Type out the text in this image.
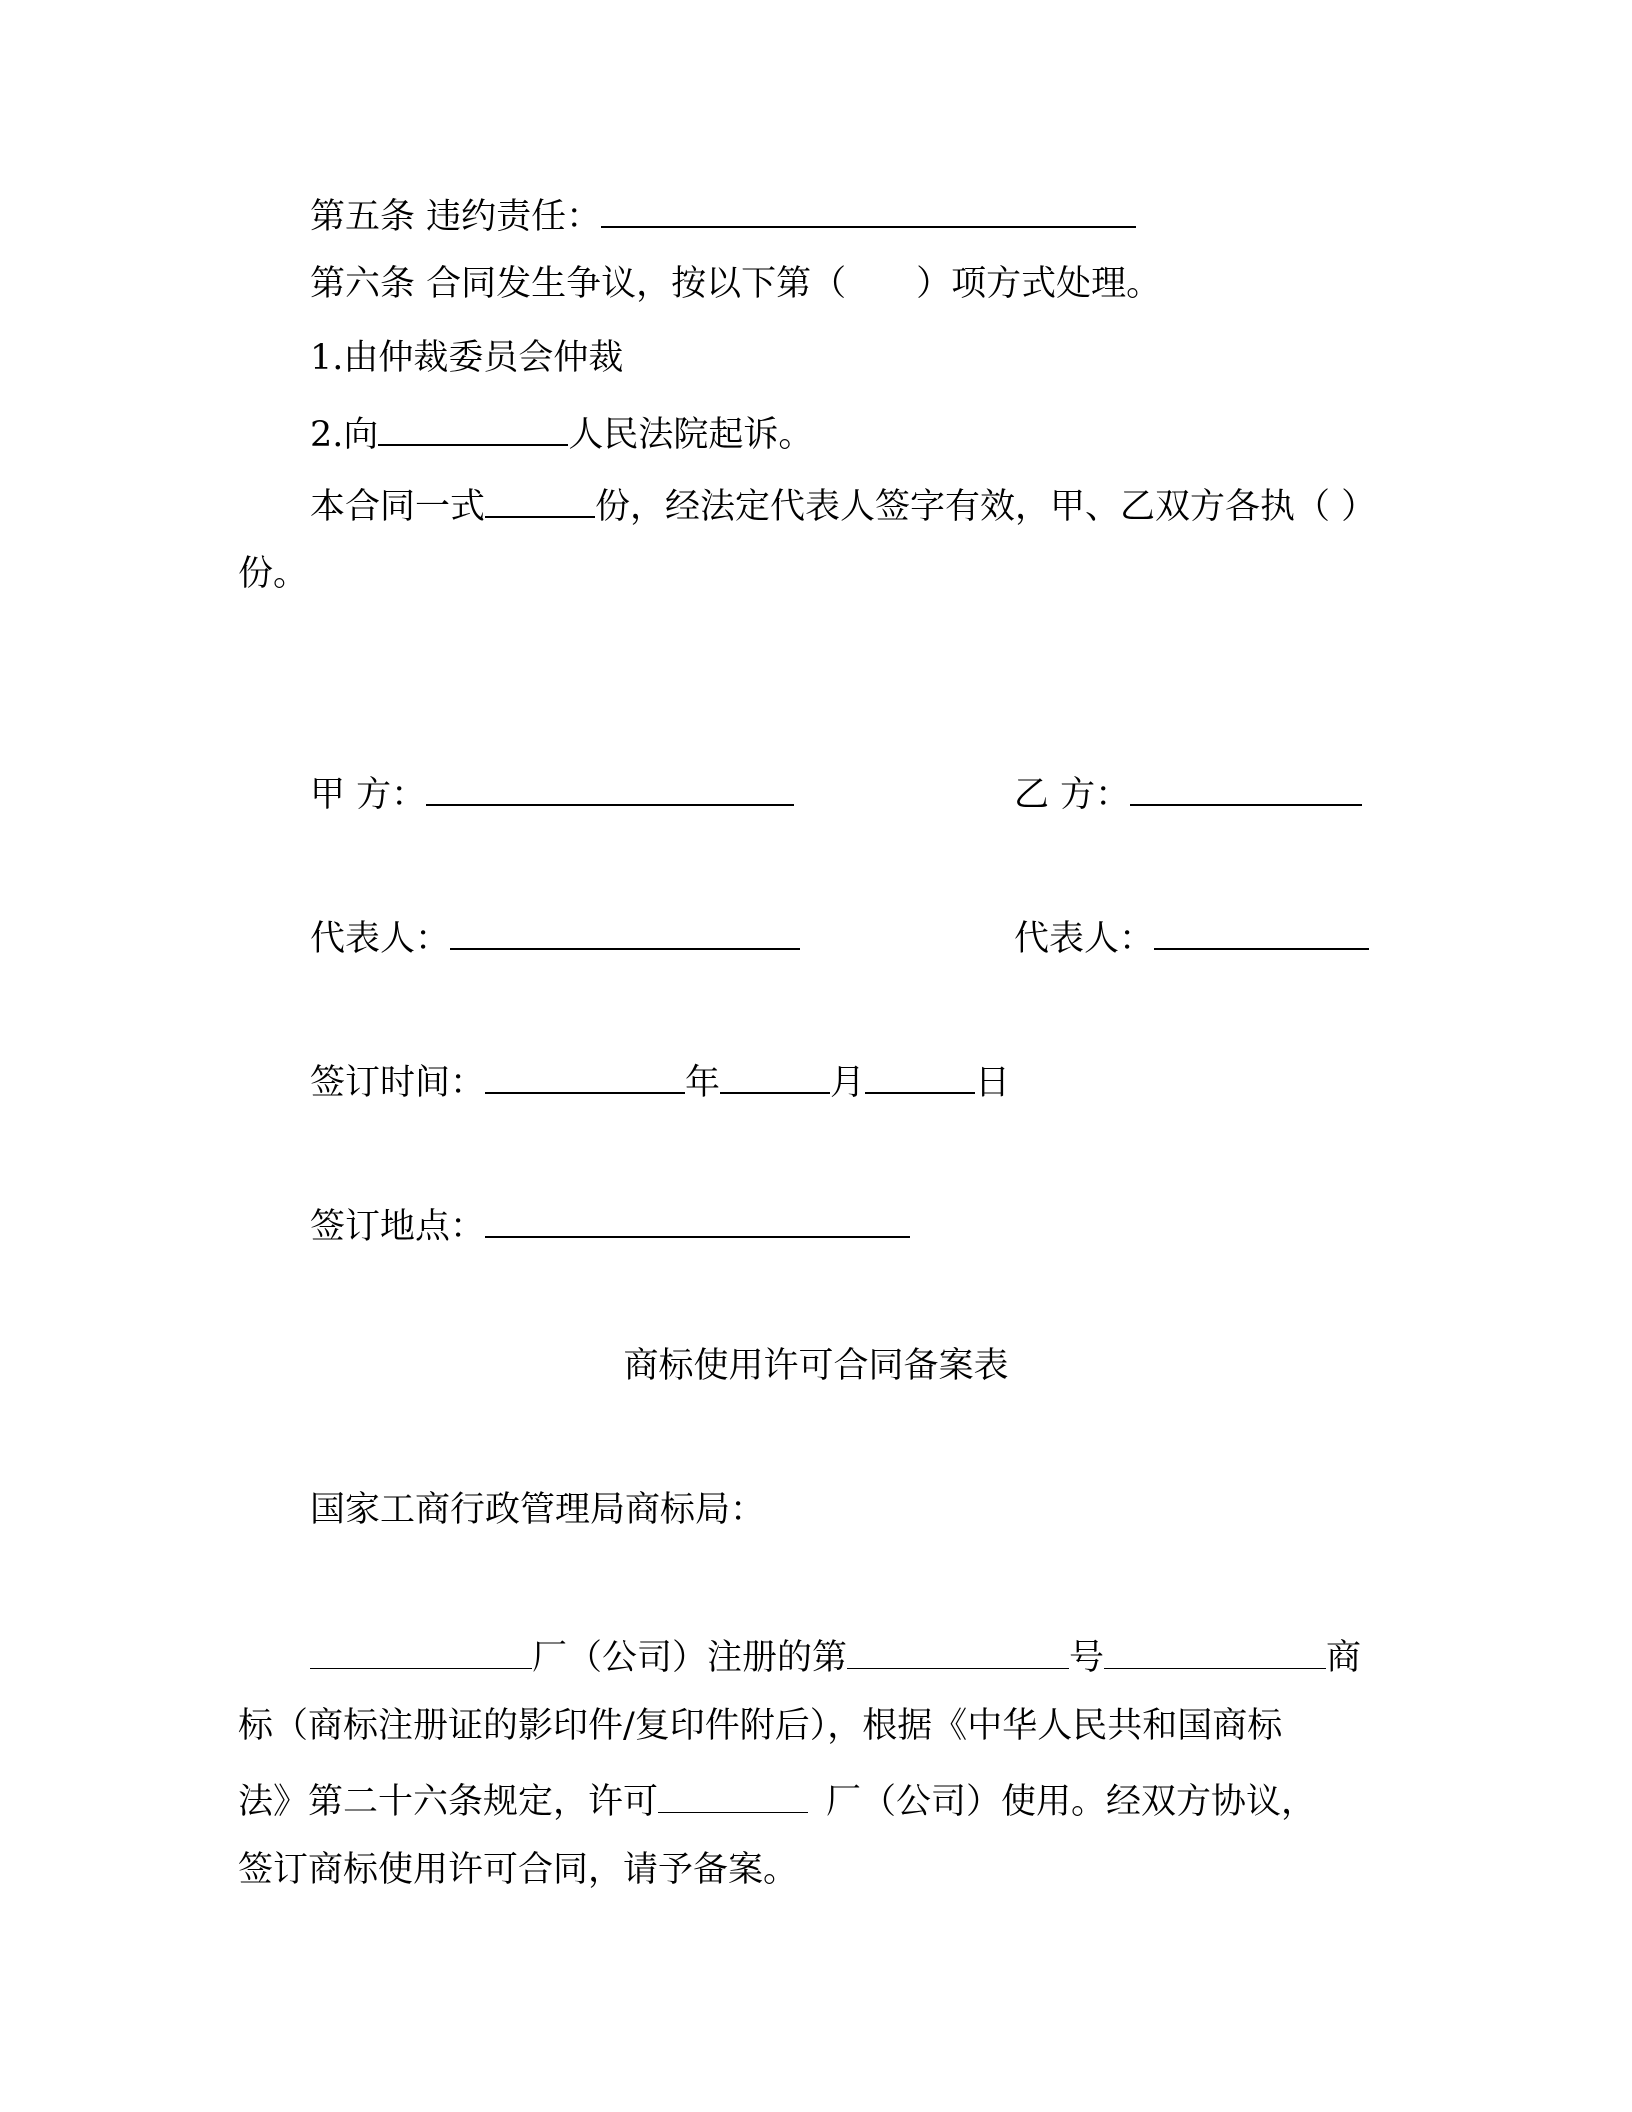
第五条 违约责任：
第六条 合同发生争议，按以下第（ ）项方式处理。
1.由仲裁委员会仲裁
2.向	人民法院起诉。
本合同一式	份，经法定代表人签字有效，甲、乙双方各执（ ）
份。
甲 方：	乙 方：
代表人：	代表人：
签订时间：	年	月	日
签订地点：
商标使用许可合同备案表
国家工商行政管理局商标局：
厂（公司）注册的第	号	商
标（商标注册证的影印件/复印件附后），根据《中华人民共和国商标
法》第二十六条规定，许可	厂（公司）使用。经双方协议，
签订商标使用许可合同，请予备案。
